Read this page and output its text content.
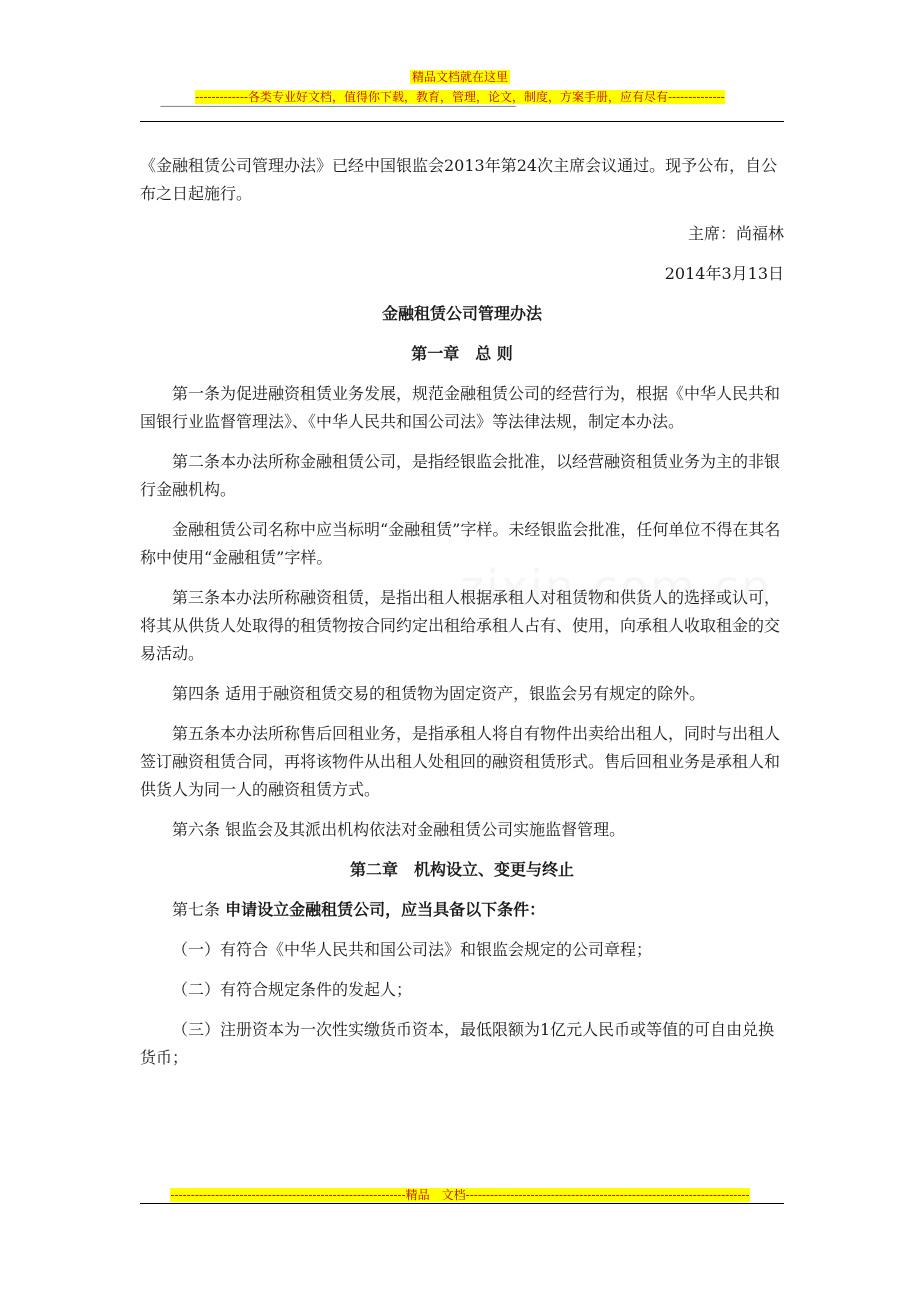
精品文档就在这里
-------------各类专业好文档，值得你下载，教育，管理，论文，制度，方案手册，应有尽有--------------
------------------------------------------------------------------------------------------------------------------------------------------------------------------------------

《金融租赁公司管理办法》已经中国银监会2013年第24次主席会议通过。现予公布，自公布之日起施行。

主席：尚福林

2014年3月13日

金融租赁公司管理办法

第一章　总 则

第一条为促进融资租赁业务发展，规范金融租赁公司的经营行为，根据《中华人民共和国银行业监督管理法》、《中华人民共和国公司法》等法律法规，制定本办法。

第二条本办法所称金融租赁公司，是指经银监会批准，以经营融资租赁业务为主的非银行金融机构。

金融租赁公司名称中应当标明“金融租赁”字样。未经银监会批准，任何单位不得在其名称中使用“金融租赁”字样。

第三条本办法所称融资租赁，是指出租人根据承租人对租赁物和供货人的选择或认可，将其从供货人处取得的租赁物按合同约定出租给承租人占有、使用，向承租人收取租金的交易活动。

第四条 适用于融资租赁交易的租赁物为固定资产，银监会另有规定的除外。

第五条本办法所称售后回租业务，是指承租人将自有物件出卖给出租人，同时与出租人签订融资租赁合同，再将该物件从出租人处租回的融资租赁形式。售后回租业务是承租人和供货人为同一人的融资租赁方式。

第六条 银监会及其派出机构依法对金融租赁公司实施监督管理。

第二章　机构设立、变更与终止

第七条 申请设立金融租赁公司，应当具备以下条件：

（一）有符合《中华人民共和国公司法》和银监会规定的公司章程；

（二）有符合规定条件的发起人；

（三）注册资本为一次性实缴货币资本，最低限额为1亿元人民币或等值的可自由兑换货币；

----------------------------------------------------------精品　文档----------------------------------------------------------------------
